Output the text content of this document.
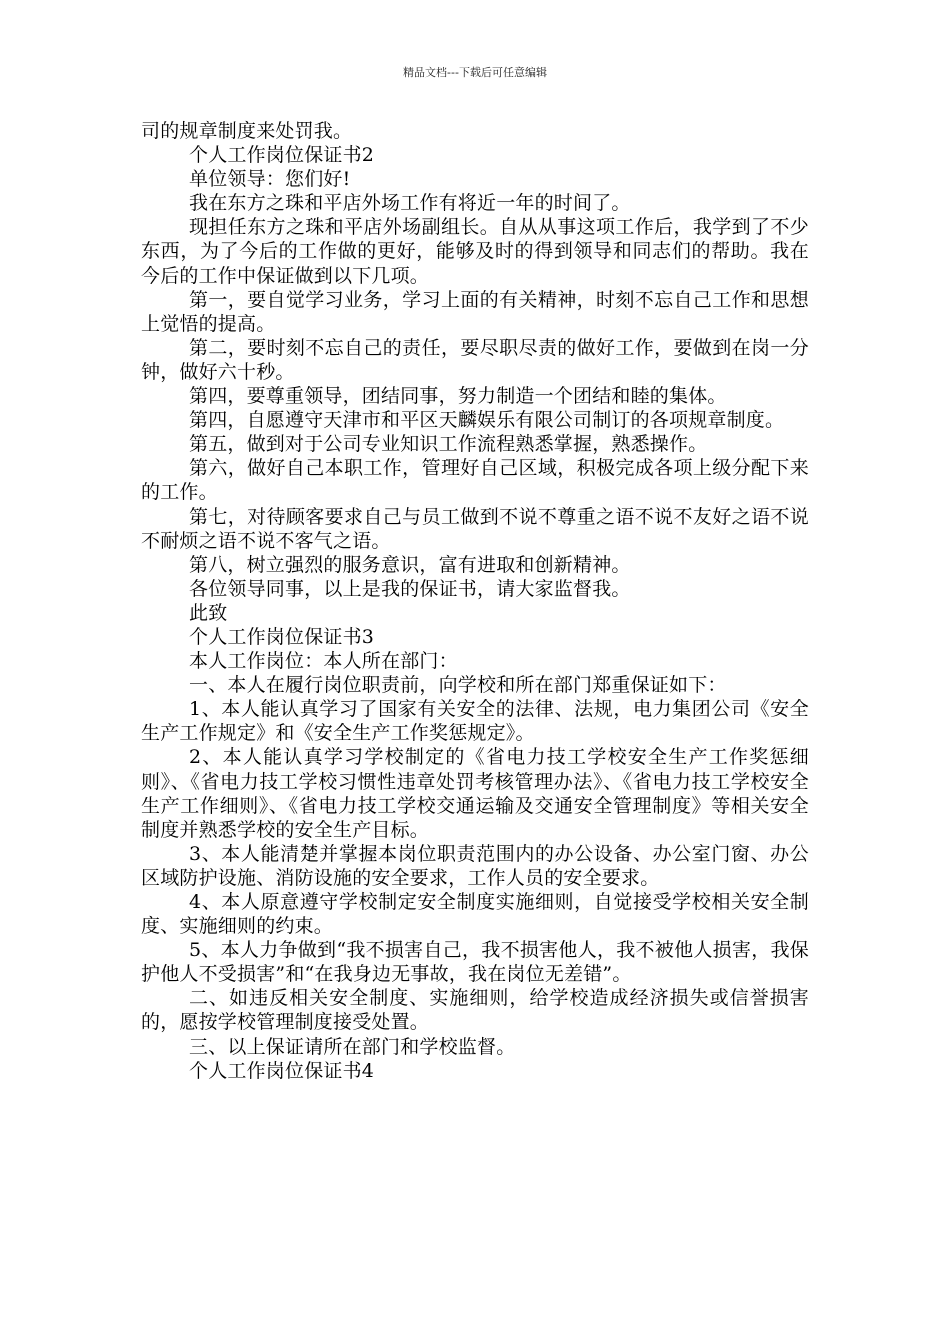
精品文档---下载后可任意编辑

司的规章制度来处罚我。

个人工作岗位保证书2

单位领导：您们好!

我在东方之珠和平店外场工作有将近一年的时间了。

现担任东方之珠和平店外场副组长。自从从事这项工作后，我学到了不少东西，为了今后的工作做的更好，能够及时的得到领导和同志们的帮助。我在今后的工作中保证做到以下几项。

第一，要自觉学习业务，学习上面的有关精神，时刻不忘自己工作和思想上觉悟的提高。

第二，要时刻不忘自己的责任，要尽职尽责的做好工作，要做到在岗一分钟，做好六十秒。

第四，要尊重领导，团结同事，努力制造一个团结和睦的集体。

第四，自愿遵守天津市和平区天麟娱乐有限公司制订的各项规章制度。

第五，做到对于公司专业知识工作流程熟悉掌握，熟悉操作。

第六，做好自己本职工作，管理好自己区域，积极完成各项上级分配下来的工作。

第七，对待顾客要求自己与员工做到不说不尊重之语不说不友好之语不说不耐烦之语不说不客气之语。

第八，树立强烈的服务意识，富有进取和创新精神。

各位领导同事，以上是我的保证书，请大家监督我。

此致

个人工作岗位保证书3

本人工作岗位：本人所在部门：

一、本人在履行岗位职责前，向学校和所在部门郑重保证如下：

1、本人能认真学习了国家有关安全的法律、法规，电力集团公司《安全生产工作规定》和《安全生产工作奖惩规定》。

2、本人能认真学习学校制定的《省电力技工学校安全生产工作奖惩细则》、《省电力技工学校习惯性违章处罚考核管理办法》、《省电力技工学校安全生产工作细则》、《省电力技工学校交通运输及交通安全管理制度》等相关安全制度并熟悉学校的安全生产目标。

3、本人能清楚并掌握本岗位职责范围内的办公设备、办公室门窗、办公区域防护设施、消防设施的安全要求，工作人员的安全要求。

4、本人原意遵守学校制定安全制度实施细则，自觉接受学校相关安全制度、实施细则的约束。

5、本人力争做到“我不损害自己，我不损害他人，我不被他人损害，我保护他人不受损害”和“在我身边无事故，我在岗位无差错”。

二、如违反相关安全制度、实施细则，给学校造成经济损失或信誉损害的，愿按学校管理制度接受处置。

三、以上保证请所在部门和学校监督。

个人工作岗位保证书4
